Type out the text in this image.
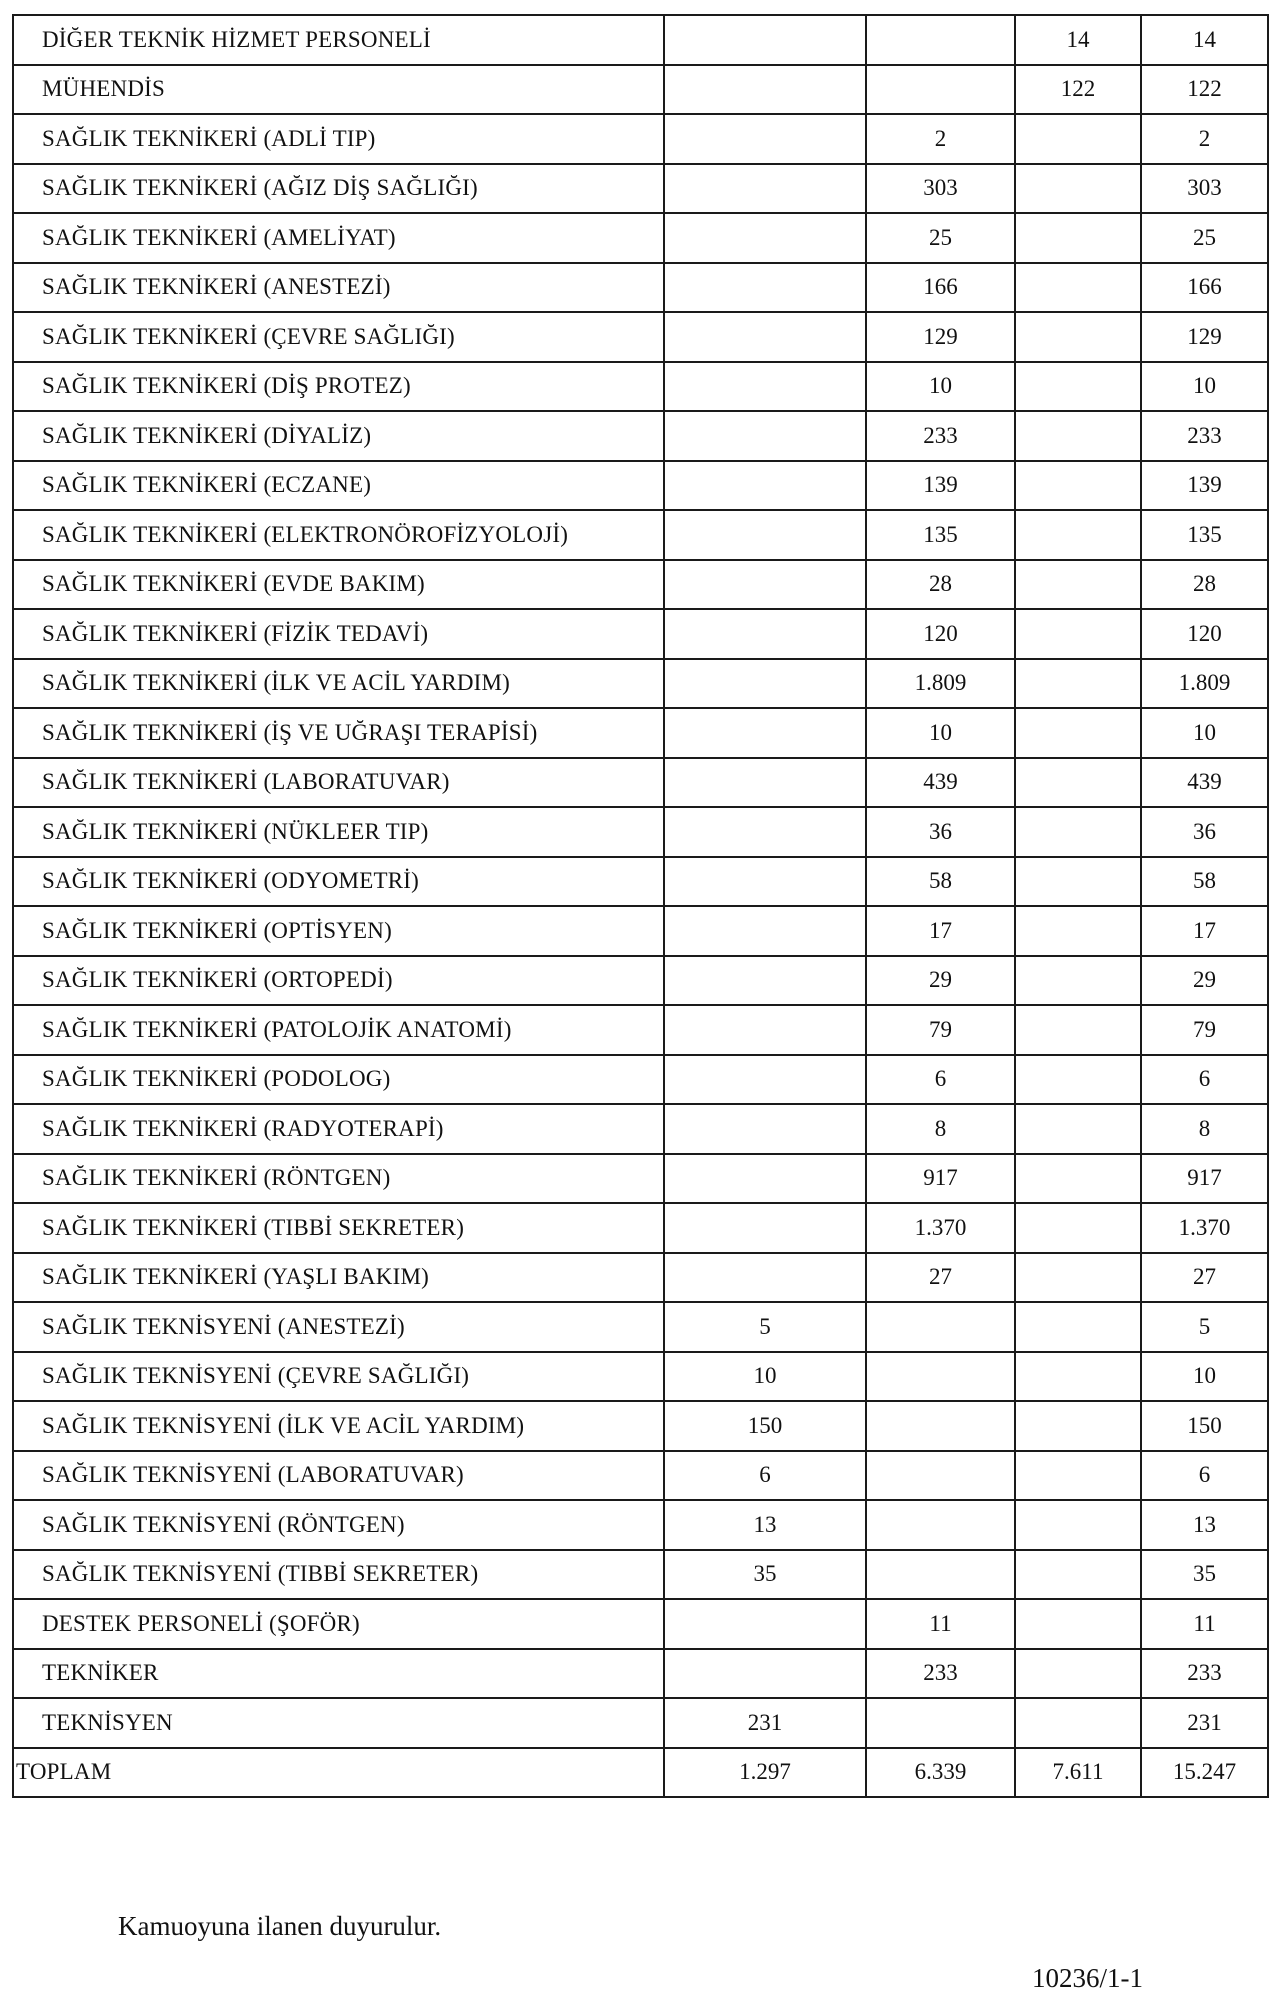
DİĞER TEKNİK HİZMET PERSONELİ			14	14
MÜHENDİS			122	122
SAĞLIK TEKNİKERİ (ADLİ TIP)		2		2
SAĞLIK TEKNİKERİ (AĞIZ DİŞ SAĞLIĞI)		303		303
SAĞLIK TEKNİKERİ (AMELİYAT)		25		25
SAĞLIK TEKNİKERİ (ANESTEZİ)		166		166
SAĞLIK TEKNİKERİ (ÇEVRE SAĞLIĞI)		129		129
SAĞLIK TEKNİKERİ (DİŞ PROTEZ)		10		10
SAĞLIK TEKNİKERİ (DİYALİZ)		233		233
SAĞLIK TEKNİKERİ (ECZANE)		139		139
SAĞLIK TEKNİKERİ (ELEKTRONÖROFİZYOLOJİ)		135		135
SAĞLIK TEKNİKERİ (EVDE BAKIM)		28		28
SAĞLIK TEKNİKERİ (FİZİK TEDAVİ)		120		120
SAĞLIK TEKNİKERİ (İLK VE ACİL YARDIM)		1.809		1.809
SAĞLIK TEKNİKERİ (İŞ VE UĞRAŞI TERAPİSİ)		10		10
SAĞLIK TEKNİKERİ (LABORATUVAR)		439		439
SAĞLIK TEKNİKERİ (NÜKLEER TIP)		36		36
SAĞLIK TEKNİKERİ (ODYOMETRİ)		58		58
SAĞLIK TEKNİKERİ (OPTİSYEN)		17		17
SAĞLIK TEKNİKERİ (ORTOPEDİ)		29		29
SAĞLIK TEKNİKERİ (PATOLOJİK ANATOMİ)		79		79
SAĞLIK TEKNİKERİ (PODOLOG)		6		6
SAĞLIK TEKNİKERİ (RADYOTERAPİ)		8		8
SAĞLIK TEKNİKERİ (RÖNTGEN)		917		917
SAĞLIK TEKNİKERİ (TIBBİ SEKRETER)		1.370		1.370
SAĞLIK TEKNİKERİ (YAŞLI BAKIM)		27		27
SAĞLIK TEKNİSYENİ (ANESTEZİ)	5			5
SAĞLIK TEKNİSYENİ (ÇEVRE SAĞLIĞI)	10			10
SAĞLIK TEKNİSYENİ (İLK VE ACİL YARDIM)	150			150
SAĞLIK TEKNİSYENİ (LABORATUVAR)	6			6
SAĞLIK TEKNİSYENİ (RÖNTGEN)	13			13
SAĞLIK TEKNİSYENİ (TIBBİ SEKRETER)	35			35
DESTEK PERSONELİ (ŞOFÖR)		11		11
TEKNİKER		233		233
TEKNİSYEN	231			231
TOPLAM	1.297	6.339	7.611	15.247
Kamuoyuna ilanen duyurulur.
10236/1-1
